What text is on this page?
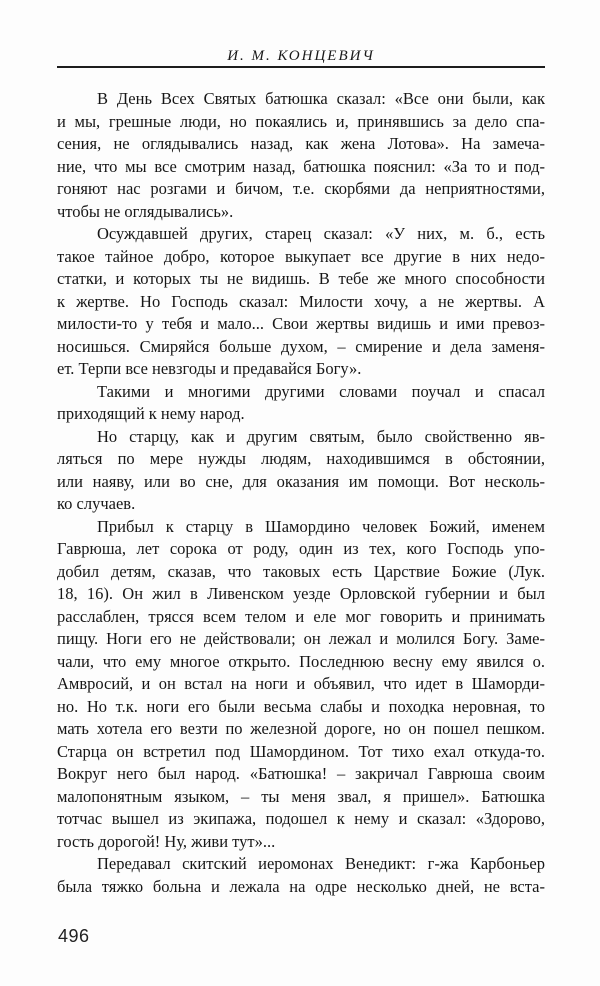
И. М. КОНЦЕВИЧ
В День Всех Святых батюшка сказал: «Все они были, как
и мы, грешные люди, но покаялись и, принявшись за дело спа-
сения, не оглядывались назад, как жена Лотова». На замеча-
ние, что мы все смотрим назад, батюшка пояснил: «За то и под-
гоняют нас розгами и бичом, т.е. скорбями да неприятностями,
чтобы не оглядывались».
Осуждавшей других, старец сказал: «У них, м. б., есть
такое тайное добро, которое выкупает все другие в них недо-
статки, и которых ты не видишь. В тебе же много способности
к жертве. Но Господь сказал: Милости хочу, а не жертвы. А
милости-то у тебя и мало... Свои жертвы видишь и ими превоз-
носишься. Смиряйся больше духом, – смирение и дела заменя-
ет. Терпи все невзгоды и предавайся Богу».
Такими и многими другими словами поучал и спасал
приходящий к нему народ.
Но старцу, как и другим святым, было свойственно яв-
ляться по мере нужды людям, находившимся в обстоянии,
или наяву, или во сне, для оказания им помощи. Вот несколь-
ко случаев.
Прибыл к старцу в Шамордино человек Божий, именем
Гаврюша, лет сорока от роду, один из тех, кого Господь упо-
добил детям, сказав, что таковых есть Царствие Божие (Лук.
18, 16). Он жил в Ливенском уезде Орловской губернии и был
расслаблен, трясся всем телом и еле мог говорить и принимать
пищу. Ноги его не действовали; он лежал и молился Богу. Заме-
чали, что ему многое открыто. Последнюю весну ему явился о.
Амвросий, и он встал на ноги и объявил, что идет в Шаморди-
но. Но т.к. ноги его были весьма слабы и походка неровная, то
мать хотела его везти по железной дороге, но он пошел пешком.
Старца он встретил под Шамордином. Тот тихо ехал откуда-то.
Вокруг него был народ. «Батюшка! – закричал Гаврюша своим
малопонятным языком, – ты меня звал, я пришел». Батюшка
тотчас вышел из экипажа, подошел к нему и сказал: «Здорово,
гость дорогой! Ну, живи тут»...
Передавал скитский иеромонах Венедикт: г-жа Карбоньер
была тяжко больна и лежала на одре несколько дней, не вста-
496
